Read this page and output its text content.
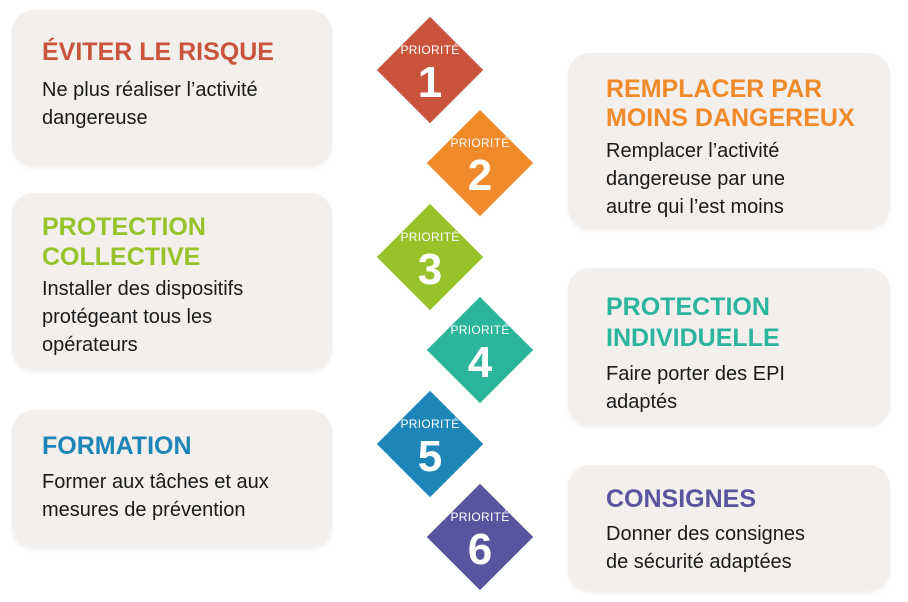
ÉVITER LE RISQUE
Ne plus réaliser l’activité
dangereuse
REMPLACER PAR
MOINS DANGEREUX
Remplacer l’activité
dangereuse par une
autre qui l’est moins
PROTECTION
COLLECTIVE
Installer des dispositifs
protégeant tous les
opérateurs
PROTECTION
INDIVIDUELLE
Faire porter des EPI
adaptés
FORMATION
Former aux tâches et aux
mesures de prévention	CONSIGNES
Donner des consignes
de sécurité adaptées
PRIORITÉ
1
PRIORITÉ
2
PRIORITÉ
3
PRIORITÉ
4
PRIORITÉ
5
PRIORITÉ
6
